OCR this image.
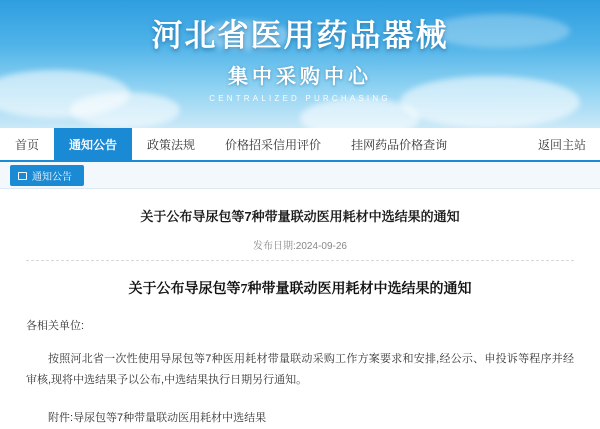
河北省医用药品器械
集中采购中心
CENTRALIZED PURCHASING
首页	通知公告	政策法规	价格招采信用评价	挂网药品价格查询	返回主站
通知公告
关于公布导尿包等7种带量联动医用耗材中选结果的通知
发布日期:2024-09-26
关于公布导尿包等7种带量联动医用耗材中选结果的通知
各相关单位:
按照河北省一次性使用导尿包等7种医用耗材带量联动采购工作方案要求和安排,经公示、申投诉等程序并经审核,现将中选结果予以公布,中选结果执行日期另行通知。
附件:导尿包等7种带量联动医用耗材中选结果
